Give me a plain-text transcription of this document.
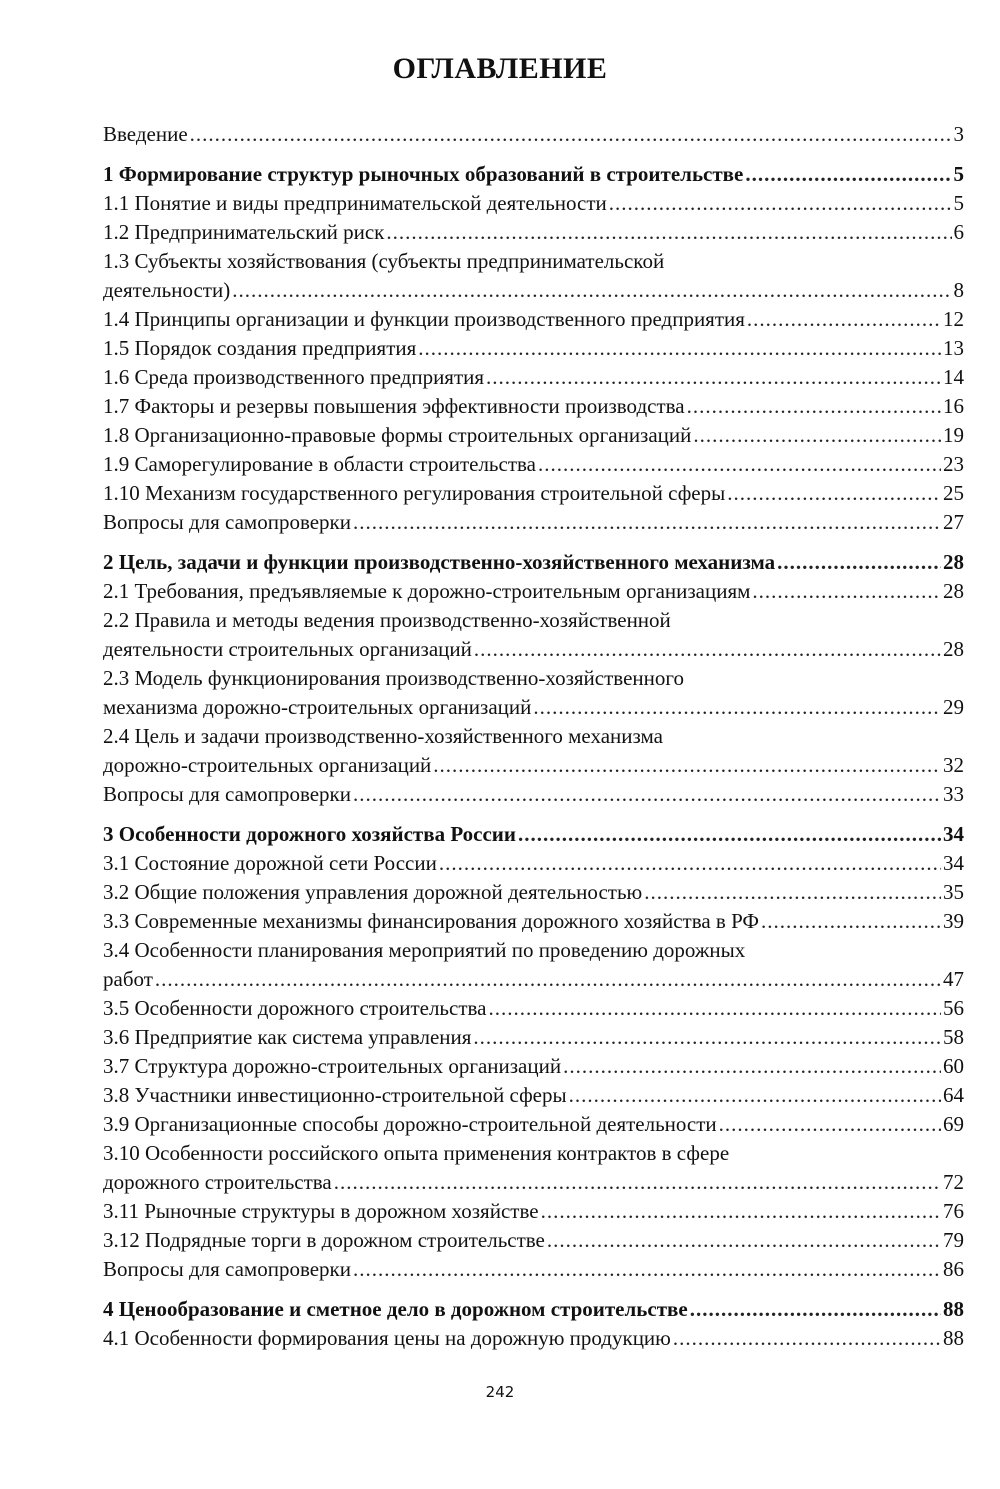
ОГЛАВЛЕНИЕ
Введение .....	3
1 Формирование структур рыночных образований в строительстве .....	5
1.1 Понятие и виды предпринимательской деятельности .....	5
1.2 Предпринимательский риск .....	6
1.3 Субъекты хозяйствования (субъекты предпринимательской
деятельности) .....	8
1.4 Принципы организации и функции производственного предприятия .....	12
1.5 Порядок создания предприятия .....	13
1.6 Среда производственного предприятия .....	14
1.7 Факторы и резервы повышения эффективности производства .....	16
1.8 Организационно-правовые формы строительных организаций .....	19
1.9 Саморегулирование в области строительства .....	23
1.10 Механизм государственного регулирования строительной сферы .....	25
Вопросы для самопроверки .....	27
2 Цель, задачи и функции производственно-хозяйственного механизма .....	28
2.1 Требования, предъявляемые к дорожно-строительным организациям .....	28
2.2 Правила и методы ведения производственно-хозяйственной
деятельности строительных организаций .....	28
2.3 Модель функционирования производственно-хозяйственного
механизма дорожно-строительных организаций .....	29
2.4 Цель и задачи производственно-хозяйственного механизма
дорожно-строительных организаций .....	32
Вопросы для самопроверки .....	33
3 Особенности дорожного хозяйства России .....	34
3.1 Состояние дорожной сети России .....	34
3.2 Общие положения управления дорожной деятельностью .....	35
3.3 Современные механизмы финансирования дорожного хозяйства в РФ .....	39
3.4 Особенности планирования мероприятий по проведению дорожных
работ .....	47
3.5 Особенности дорожного строительства .....	56
3.6 Предприятие как система управления .....	58
3.7 Структура дорожно-строительных организаций .....	60
3.8 Участники инвестиционно-строительной сферы .....	64
3.9 Организационные способы дорожно-строительной деятельности .....	69
3.10 Особенности российского опыта применения контрактов в сфере
дорожного строительства .....	72
3.11 Рыночные структуры в дорожном хозяйстве .....	76
3.12 Подрядные торги в дорожном строительстве .....	79
Вопросы для самопроверки .....	86
4 Ценообразование и сметное дело в дорожном строительстве .....	88
4.1 Особенности формирования цены на дорожную продукцию .....	88
242
